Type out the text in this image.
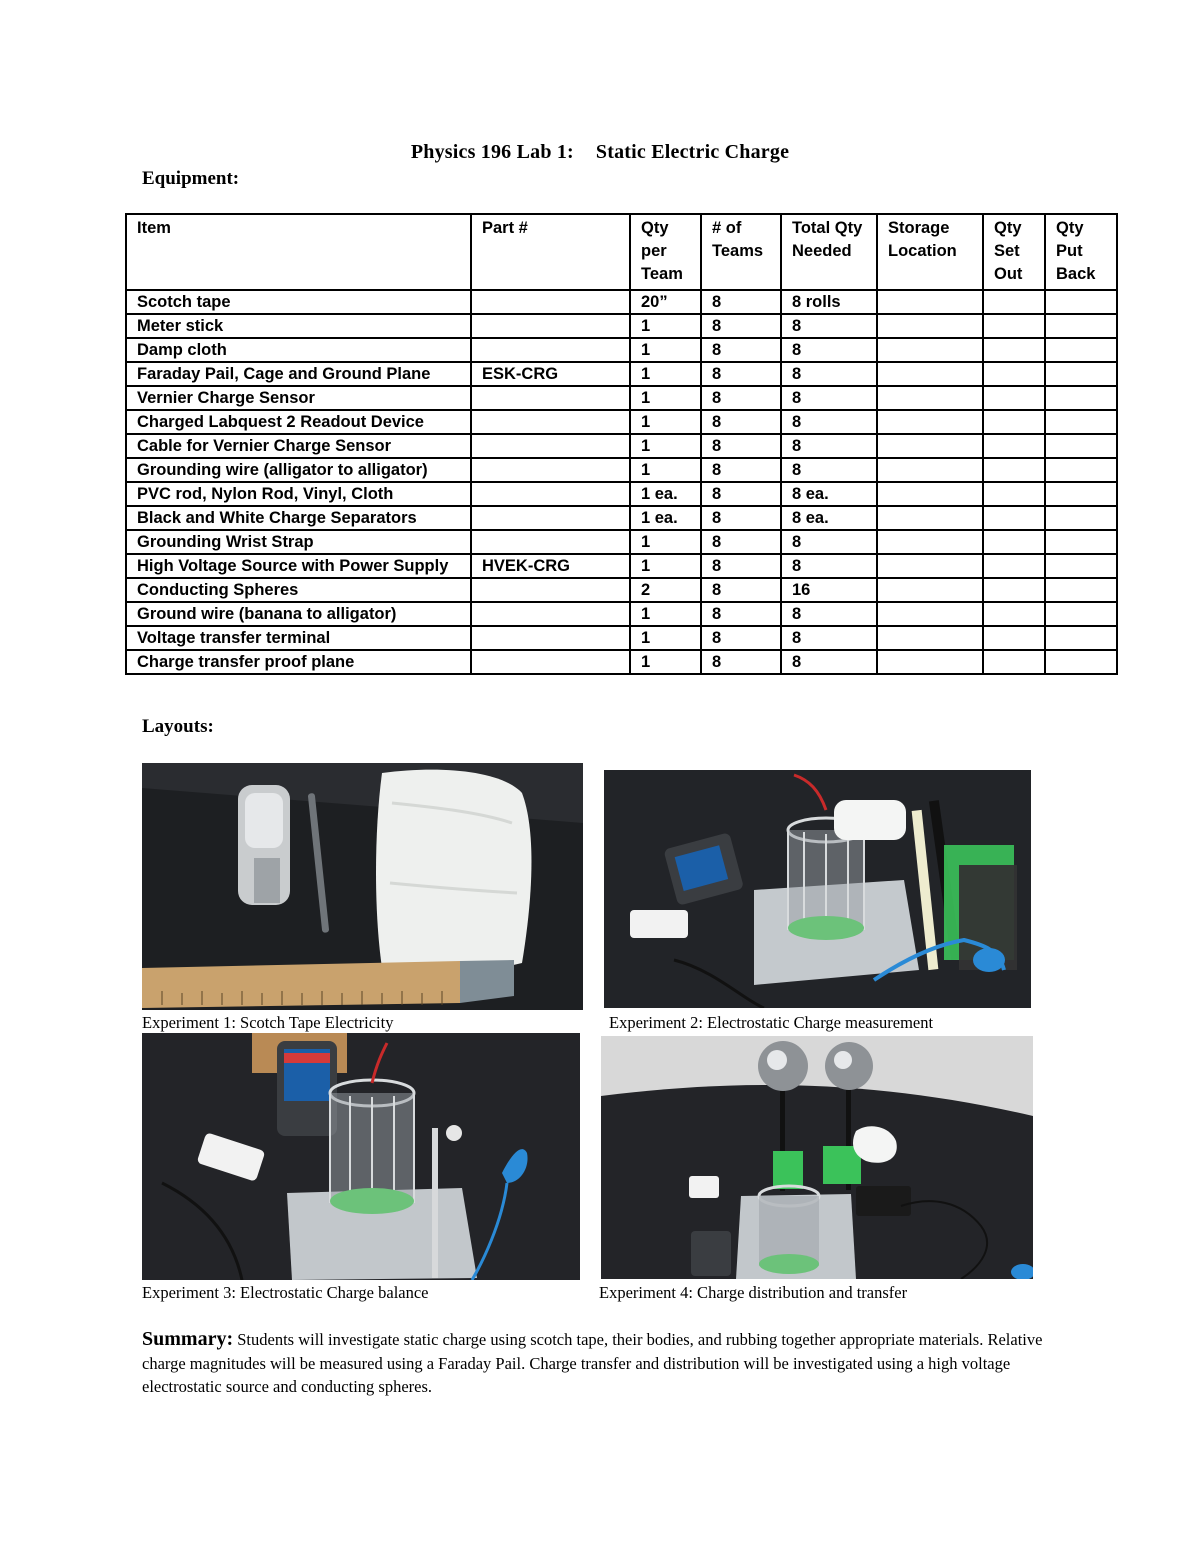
Physics 196 Lab 1: Static Electric Charge
Equipment:
Item	Part #	Qty per Team	# of Teams	Total Qty Needed	Storage Location	Qty Set Out	Qty Put Back
Scotch tape		20”	8	8 rolls			
Meter stick		1	8	8			
Damp cloth		1	8	8			
Faraday Pail, Cage and Ground Plane	ESK-CRG	1	8	8			
Vernier Charge Sensor		1	8	8			
Charged Labquest 2 Readout Device		1	8	8			
Cable for Vernier Charge Sensor		1	8	8			
Grounding wire (alligator to alligator)		1	8	8			
PVC rod, Nylon Rod, Vinyl, Cloth		1 ea.	8	8 ea.			
Black and White Charge Separators		1 ea.	8	8 ea.			
Grounding Wrist Strap		1	8	8			
High Voltage Source with Power Supply	HVEK-CRG	1	8	8			
Conducting Spheres		2	8	16			
Ground wire (banana to alligator)		1	8	8			
Voltage transfer terminal		1	8	8			
Charge transfer proof plane		1	8	8			
Layouts:
Experiment 1: Scotch Tape Electricity	Experiment 2: Electrostatic Charge measurement
Experiment 3: Electrostatic Charge balance	Experiment 4: Charge distribution and transfer
Summary: Students will investigate static charge using scotch tape, their bodies, and rubbing together appropriate materials. Relative charge magnitudes will be measured using a Faraday Pail. Charge transfer and distribution will be investigated using a high voltage electrostatic source and conducting spheres.
